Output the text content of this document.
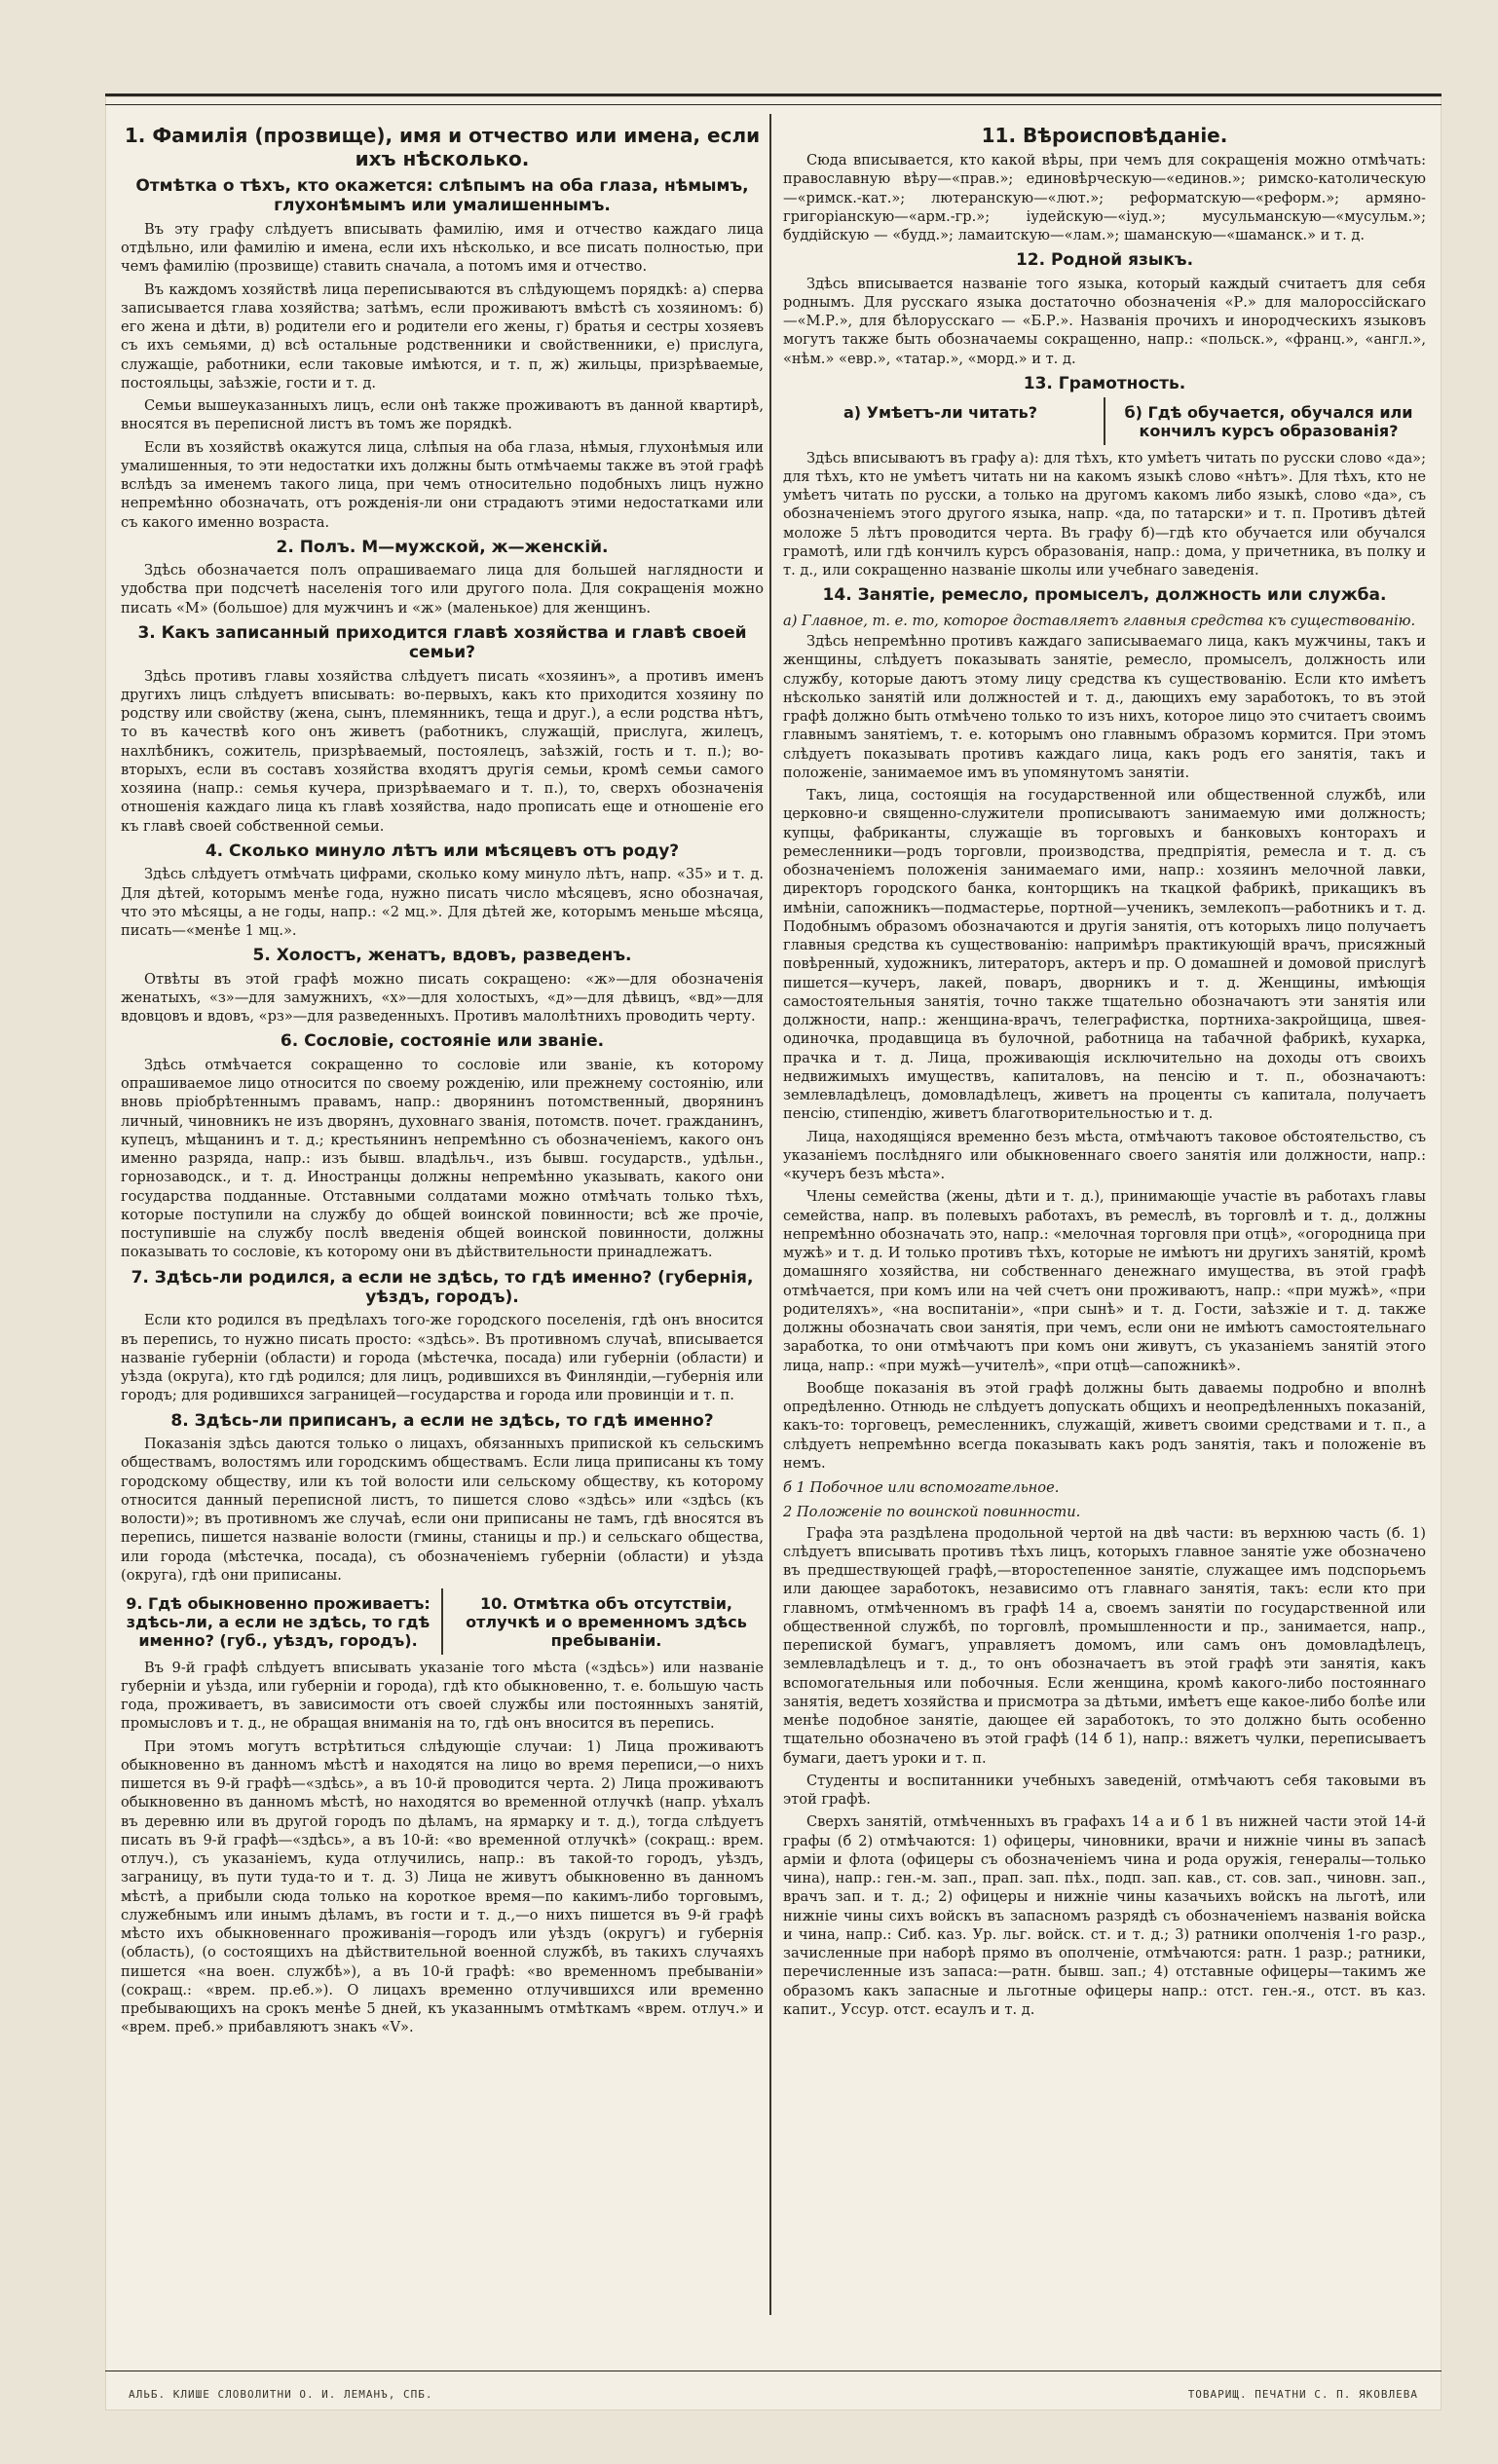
1. Фамилія (прозвище), имя и отчество или имена, если ихъ нѣсколько.
Отмѣтка о тѣхъ, кто окажется: слѣпымъ на оба глаза, нѣмымъ, глухонѣмымъ или умалишеннымъ.

Въ эту графу слѣдуетъ вписывать фамилію, имя и отчество каждаго лица отдѣльно, или фамилію и имена, если ихъ нѣсколько, и все писать полностью, при чемъ фамилію (прозвище) ставить сначала, а потомъ имя и отчество.

Въ каждомъ хозяйствѣ лица переписываются въ слѣдующемъ порядкѣ: а) сперва записывается глава хозяйства; затѣмъ, если проживаютъ вмѣстѣ съ хозяиномъ: б) его жена и дѣти, в) родители его и родители его жены, г) братья и сестры хозяевъ съ ихъ семьями, д) всѣ остальные родственники и свойственники, е) прислуга, служащіе, работники, если таковые имѣются, и т. п, ж) жильцы, призрѣваемые, постояльцы, заѣзжіе, гости и т. д.

Семьи вышеуказанныхъ лицъ, если онѣ также проживаютъ въ данной квартирѣ, вносятся въ переписной листъ въ томъ же порядкѣ.

Если въ хозяйствѣ окажутся лица, слѣпыя на оба глаза, нѣмыя, глухонѣмыя или умалишенныя, то эти недостатки ихъ должны быть отмѣчаемы также въ этой графѣ вслѣдъ за именемъ такого лица, при чемъ относительно подобныхъ лицъ нужно непремѣнно обозначать, отъ рожденія-ли они страдаютъ этими недостатками или съ какого именно возраста.

2. Полъ. М—мужской, ж—женскій.

Здѣсь обозначается полъ опрашиваемаго лица для большей наглядности и удобства при подсчетѣ населенія того или другого пола. Для сокращенія можно писать «М» (большое) для мужчинъ и «ж» (маленькое) для женщинъ.

3. Какъ записанный приходится главѣ хозяйства и главѣ своей семьи?

Здѣсь противъ главы хозяйства слѣдуетъ писать «хозяинъ», а противъ именъ другихъ лицъ слѣдуетъ вписывать: во-первыхъ, какъ кто приходится хозяину по родству или свойству (жена, сынъ, племянникъ, теща и друг.), а если родства нѣтъ, то въ качествѣ кого онъ живетъ (работникъ, служащій, прислуга, жилецъ, нахлѣбникъ, сожитель, призрѣваемый, постоялецъ, заѣзжій, гость и т. п.); во-вторыхъ, если въ составъ хозяйства входятъ другія семьи, кромѣ семьи самого хозяина (напр.: семья кучера, призрѣваемаго и т. п.), то, сверхъ обозначенія отношенія каждаго лица къ главѣ хозяйства, надо прописать еще и отношеніе его къ главѣ своей собственной семьи.

4. Сколько минуло лѣтъ или мѣсяцевъ отъ роду?

Здѣсь слѣдуетъ отмѣчать цифрами, сколько кому минуло лѣтъ, напр. «35» и т. д. Для дѣтей, которымъ менѣе года, нужно писать число мѣсяцевъ, ясно обозначая, что это мѣсяцы, а не годы, напр.: «2 мц.». Для дѣтей же, которымъ меньше мѣсяца, писать—«менѣе 1 мц.».

5. Холостъ, женатъ, вдовъ, разведенъ.

Отвѣты въ этой графѣ можно писать сокращено: «ж»—для обозначенія женатыхъ, «з»—для замужнихъ, «х»—для холостыхъ, «д»—для дѣвицъ, «вд»—для вдовцовъ и вдовъ, «рз»—для разведенныхъ. Противъ малолѣтнихъ проводить черту.

6. Сословіе, состояніе или званіе.

Здѣсь отмѣчается сокращенно то сословіе или званіе, къ которому опрашиваемое лицо относится по своему рожденію, или прежнему состоянію, или вновь пріобрѣтеннымъ правамъ, напр.: дворянинъ потомственный, дворянинъ личный, чиновникъ не изъ дворянъ, духовнаго званія, потомств. почет. гражданинъ, купецъ, мѣщанинъ и т. д.; крестьянинъ непремѣнно съ обозначеніемъ, какого онъ именно разряда, напр.: изъ бывш. владѣльч., изъ бывш. государств., удѣльн., горнозаводск., и т. д. Иностранцы должны непремѣнно указывать, какого они государства подданные. Отставными солдатами можно отмѣчать только тѣхъ, которые поступили на службу до общей воинской повинности; всѣ же прочіе, поступившіе на службу послѣ введенія общей воинской повинности, должны показывать то сословіе, къ которому они въ дѣйствительности принадлежатъ.

7. Здѣсь-ли родился, а если не здѣсь, то гдѣ именно? (губернія, уѣздъ, городъ).

Если кто родился въ предѣлахъ того-же городского поселенія, гдѣ онъ вносится въ перепись, то нужно писать просто: «здѣсь». Въ противномъ случаѣ, вписывается названіе губерніи (области) и города (мѣстечка, посада) или губерніи (области) и уѣзда (округа), кто гдѣ родился; для лицъ, родившихся въ Финляндіи,—губернія или городъ; для родившихся заграницей—государства и города или провинціи и т. п.

8. Здѣсь-ли приписанъ, а если не здѣсь, то гдѣ именно?

Показанія здѣсь даются только о лицахъ, обязанныхъ припиской къ сельскимъ обществамъ, волостямъ или городскимъ обществамъ. Если лица приписаны къ тому городскому обществу, или къ той волости или сельскому обществу, къ которому относится данный переписной листъ, то пишется слово «здѣсь» или «здѣсь (къ волости)»; въ противномъ же случаѣ, если они приписаны не тамъ, гдѣ вносятся въ перепись, пишется названіе волости (гмины, станицы и пр.) и сельскаго общества, или города (мѣстечка, посада), съ обозначеніемъ губерніи (области) и уѣзда (округа), гдѣ они приписаны.

9. Гдѣ обыкновенно проживаетъ: здѣсь-ли, а если не здѣсь, то гдѣ именно? (губ., уѣздъ, городъ).
10. Отмѣтка объ отсутствіи, отлучкѣ и о временномъ здѣсь пребываніи.

Въ 9-й графѣ слѣдуетъ вписывать указаніе того мѣста («здѣсь») или названіе губерніи и уѣзда, или губерніи и города), гдѣ кто обыкновенно, т. е. большую часть года, проживаетъ, въ зависимости отъ своей службы или постоянныхъ занятій, промысловъ и т. д., не обращая вниманія на то, гдѣ онъ вносится въ перепись.

При этомъ могутъ встрѣтиться слѣдующіе случаи: 1) Лица проживаютъ обыкновенно въ данномъ мѣстѣ и находятся на лицо во время переписи,—о нихъ пишется въ 9-й графѣ—«здѣсь», а въ 10-й проводится черта. 2) Лица проживаютъ обыкновенно въ данномъ мѣстѣ, но находятся во временной отлучкѣ (напр. уѣхалъ въ деревню или въ другой городъ по дѣламъ, на ярмарку и т. д.), тогда слѣдуетъ писать въ 9-й графѣ—«здѣсь», а въ 10-й: «во временной отлучкѣ» (сокращ.: врем. отлуч.), съ указаніемъ, куда отлучились, напр.: въ такой-то городъ, уѣздъ, заграницу, въ пути туда-то и т. д. 3) Лица не живутъ обыкновенно въ данномъ мѣстѣ, а прибыли сюда только на короткое время—по какимъ-либо торговымъ, служебнымъ или инымъ дѣламъ, въ гости и т. д.,—о нихъ пишется въ 9-й графѣ мѣсто ихъ обыкновеннаго проживанія—городъ или уѣздъ (округъ) и губернія (область), (о состоящихъ на дѣйствительной военной службѣ, въ такихъ случаяхъ пишется «на воен. службѣ»), а въ 10-й графѣ: «во временномъ пребываніи» (сокращ.: «врем. пр.еб.»). О лицахъ временно отлучившихся или временно пребывающихъ на срокъ менѣе 5 дней, къ указаннымъ отмѣткамъ «врем. отлуч.» и «врем. преб.» прибавляютъ знакъ «V».

11. Вѣроисповѣданіе.

Сюда вписывается, кто какой вѣры, при чемъ для сокращенія можно отмѣчать: православную вѣру—«прав.»; единовѣрческую—«единов.»; римско-католическую—«римск.-кат.»; лютеранскую—«лют.»; реформатскую—«реформ.»; армяно-григоріанскую—«арм.-гр.»; іудейскую—«іуд.»; мусульманскую—«мусульм.»; буддійскую — «будд.»; ламаитскую—«лам.»; шаманскую—«шаманск.» и т. д.

12. Родной языкъ.

Здѣсь вписывается названіе того языка, который каждый считаетъ для себя роднымъ. Для русскаго языка достаточно обозначенія «Р.» для малороссійскаго—«М.Р.», для бѣлорусскаго — «Б.Р.». Названія прочихъ и инородческихъ языковъ могутъ также быть обозначаемы сокращенно, напр.: «польск.», «франц.», «англ.», «нѣм.» «евр.», «татар.», «морд.» и т. д.

13. Грамотность.
а) Умѣетъ-ли читать?	б) Гдѣ обучается, обучался или кончилъ курсъ образованія?

Здѣсь вписываютъ въ графу а): для тѣхъ, кто умѣетъ читать по русски слово «да»; для тѣхъ, кто не умѣетъ читать ни на какомъ языкѣ слово «нѣтъ». Для тѣхъ, кто не умѣетъ читать по русски, а только на другомъ какомъ либо языкѣ, слово «да», съ обозначеніемъ этого другого языка, напр. «да, по татарски» и т. п. Противъ дѣтей моложе 5 лѣтъ проводится черта. Въ графу б)—гдѣ кто обучается или обучался грамотѣ, или гдѣ кончилъ курсъ образованія, напр.: дома, у причетника, въ полку и т. д., или сокращенно названіе школы или учебнаго заведенія.

14. Занятіе, ремесло, промыселъ, должность или служба.

а) Главное, т. е. то, которое доставляетъ главныя средства къ существованію.

Здѣсь непремѣнно противъ каждаго записываемаго лица, какъ мужчины, такъ и женщины, слѣдуетъ показывать занятіе, ремесло, промыселъ, должность или службу, которые даютъ этому лицу средства къ существованію. Если кто имѣетъ нѣсколько занятій или должностей и т. д., дающихъ ему заработокъ, то въ этой графѣ должно быть отмѣчено только то изъ нихъ, которое лицо это считаетъ своимъ главнымъ занятіемъ, т. е. которымъ оно главнымъ образомъ кормится. При этомъ слѣдуетъ показывать противъ каждаго лица, какъ родъ его занятія, такъ и положеніе, занимаемое имъ въ упомянутомъ занятіи.

Такъ, лица, состоящія на государственной или общественной службѣ, или церковно-и священно-служители прописываютъ занимаемую ими должность; купцы, фабриканты, служащіе въ торговыхъ и банковыхъ конторахъ и ремесленники—родъ торговли, производства, предпріятія, ремесла и т. д. съ обозначеніемъ положенія занимаемаго ими, напр.: хозяинъ мелочной лавки, директоръ городского банка, конторщикъ на ткацкой фабрикѣ, прикащикъ въ имѣніи, сапожникъ—подмастерье, портной—ученикъ, землекопъ—работникъ и т. д. Подобнымъ образомъ обозначаются и другія занятія, отъ которыхъ лицо получаетъ главныя средства къ существованію: напримѣръ практикующій врачъ, присяжный повѣренный, художникъ, литераторъ, актеръ и пр. О домашней и домовой прислугѣ пишется—кучеръ, лакей, поваръ, дворникъ и т. д. Женщины, имѣющія самостоятельныя занятія, точно также тщательно обозначаютъ эти занятія или должности, напр.: женщина-врачъ, телеграфистка, портниха-закройщица, швея-одиночка, продавщица въ булочной, работница на табачной фабрикѣ, кухарка, прачка и т. д. Лица, проживающія исключительно на доходы отъ своихъ недвижимыхъ имуществъ, капиталовъ, на пенсію и т. п., обозначаютъ: землевладѣлецъ, домовладѣлецъ, живетъ на проценты съ капитала, получаетъ пенсію, стипендію, живетъ благотворительностью и т. д.

Лица, находящіяся временно безъ мѣста, отмѣчаютъ таковое обстоятельство, съ указаніемъ послѣдняго или обыкновеннаго своего занятія или должности, напр.: «кучеръ безъ мѣста».

Члены семейства (жены, дѣти и т. д.), принимающіе участіе въ работахъ главы семейства, напр. въ полевыхъ работахъ, въ ремеслѣ, въ торговлѣ и т. д., должны непремѣнно обозначать это, напр.: «мелочная торговля при отцѣ», «огородница при мужѣ» и т. д. И только противъ тѣхъ, которые не имѣютъ ни другихъ занятій, кромѣ домашняго хозяйства, ни собственнаго денежнаго имущества, въ этой графѣ отмѣчается, при комъ или на чей счетъ они проживаютъ, напр.: «при мужѣ», «при родителяхъ», «на воспитаніи», «при сынѣ» и т. д. Гости, заѣзжіе и т. д. также должны обозначать свои занятія, при чемъ, если они не имѣютъ самостоятельнаго заработка, то они отмѣчаютъ при комъ они живутъ, съ указаніемъ занятій этого лица, напр.: «при мужѣ—учителѣ», «при отцѣ—сапожникѣ».

Вообще показанія въ этой графѣ должны быть даваемы подробно и вполнѣ опредѣленно. Отнюдь не слѣдуетъ допускать общихъ и неопредѣленныхъ показаній, какъ-то: торговецъ, ремесленникъ, служащій, живетъ своими средствами и т. п., а слѣдуетъ непремѣнно всегда показывать какъ родъ занятія, такъ и положеніе въ немъ.

б 1 Побочное или вспомогательное.

2 Положеніе по воинской повинности.

Графа эта раздѣлена продольной чертой на двѣ части: въ верхнюю часть (б. 1) слѣдуетъ вписывать противъ тѣхъ лицъ, которыхъ главное занятіе уже обозначено въ предшествующей графѣ,—второстепенное занятіе, служащее имъ подспорьемъ или дающее заработокъ, независимо отъ главнаго занятія, такъ: если кто при главномъ, отмѣченномъ въ графѣ 14 а, своемъ занятіи по государственной или общественной службѣ, по торговлѣ, промышленности и пр., занимается, напр., перепиской бумагъ, управляетъ домомъ, или самъ онъ домовладѣлецъ, землевладѣлецъ и т. д., то онъ обозначаетъ въ этой графѣ эти занятія, какъ вспомогательныя или побочныя. Если женщина, кромѣ какого-либо постояннаго занятія, ведетъ хозяйства и присмотра за дѣтьми, имѣетъ еще какое-либо болѣе или менѣе подобное занятіе, дающее ей заработокъ, то это должно быть особенно тщательно обозначено въ этой графѣ (14 б 1), напр.: вяжетъ чулки, переписываетъ бумаги, даетъ уроки и т. п.

Студенты и воспитанники учебныхъ заведеній, отмѣчаютъ себя таковыми въ этой графѣ.

Сверхъ занятій, отмѣченныхъ въ графахъ 14 а и б 1 въ нижней части этой 14-й графы (б 2) отмѣчаются: 1) офицеры, чиновники, врачи и нижніе чины въ запасѣ арміи и флота (офицеры съ обозначеніемъ чина и рода оружія, генералы—только чина), напр.: ген.-м. зап., прап. зап. пѣх., подп. зап. кав., ст. сов. зап., чиновн. зап., врачъ зап. и т. д.; 2) офицеры и нижніе чины казачьихъ войскъ на льготѣ, или нижніе чины сихъ войскъ въ запасномъ разрядѣ съ обозначеніемъ названія войска и чина, напр.: Сиб. каз. Ур. льг. войск. ст. и т. д.; 3) ратники ополченія 1-го разр., зачисленные при наборѣ прямо въ ополченіе, отмѣчаются: ратн. 1 разр.; ратники, перечисленные изъ запаса:—ратн. бывш. зап.; 4) отставные офицеры—такимъ же образомъ какъ запасные и льготные офицеры напр.: отст. ген.-я., отст. въ каз. капит., Уссур. отст. есаулъ и т. д.

АЛЬБ. КЛИШЕ СЛОВОЛИТНИ О. И. ЛЕМАНЪ, СПБ.	ТОВАРИЩ. ПЕЧАТНИ С. П. ЯКОВЛЕВА
